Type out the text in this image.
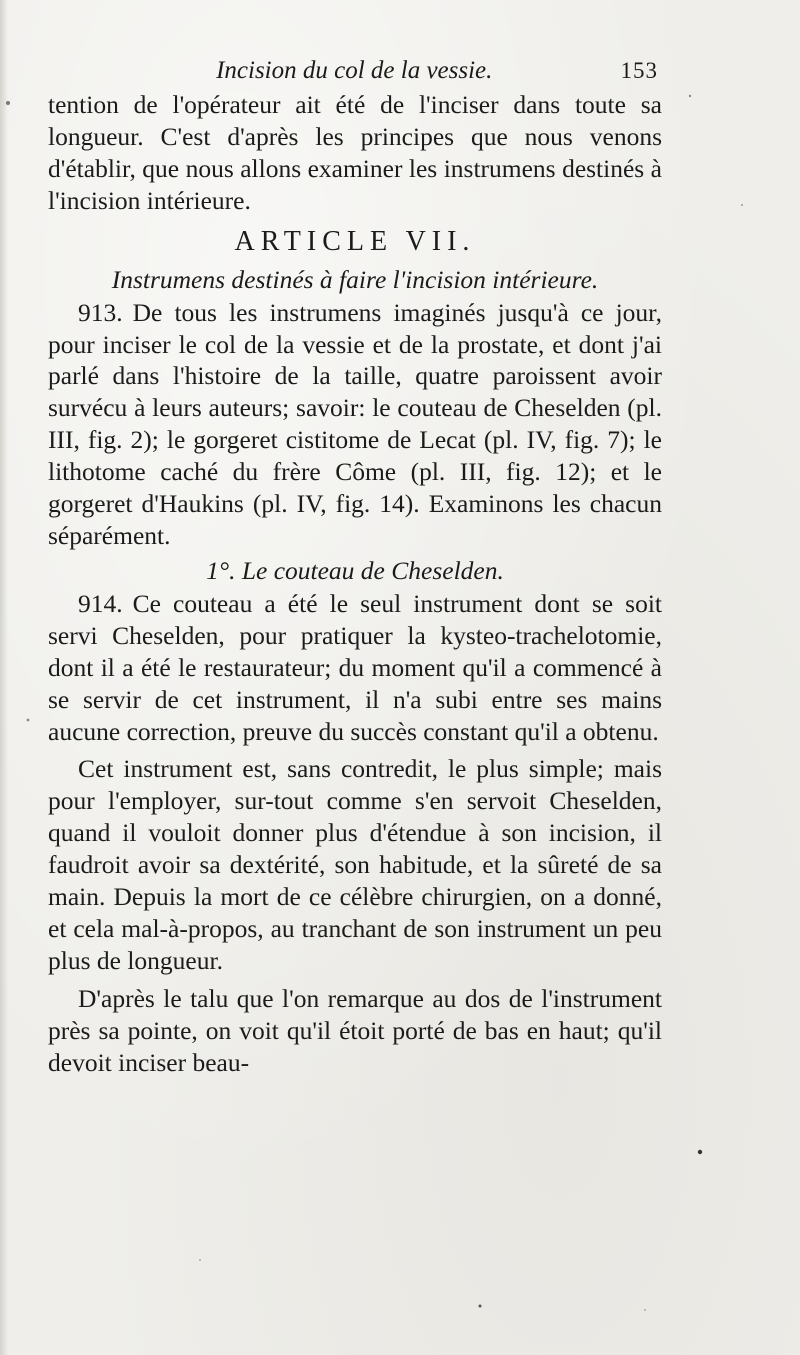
Incision du col de la vessie.	153

tention de l'opérateur ait été de l'inciser dans toute sa longueur. C'est d'après les principes que nous venons d'établir, que nous allons examiner les instrumens destinés à l'incision intérieure.

ARTICLE VII.
Instrumens destinés à faire l'incision intérieure.

913. De tous les instrumens imaginés jusqu'à ce jour, pour inciser le col de la vessie et de la prostate, et dont j'ai parlé dans l'histoire de la taille, quatre paroissent avoir survécu à leurs auteurs; savoir: le couteau de Cheselden (pl. III, fig. 2); le gorgeret cistitome de Lecat (pl. IV, fig. 7); le lithotome caché du frère Côme (pl. III, fig. 12); et le gorgeret d'Haukins (pl. IV, fig. 14). Examinons les chacun séparément.

1°. Le couteau de Cheselden.

914. Ce couteau a été le seul instrument dont se soit servi Cheselden, pour pratiquer la kysteo-trachelotomie, dont il a été le restaurateur; du moment qu'il a commencé à se servir de cet instrument, il n'a subi entre ses mains aucune correction, preuve du succès constant qu'il a obtenu.

Cet instrument est, sans contredit, le plus simple; mais pour l'employer, sur-tout comme s'en servoit Cheselden, quand il vouloit donner plus d'étendue à son incision, il faudroit avoir sa dextérité, son habitude, et la sûreté de sa main. Depuis la mort de ce célèbre chirurgien, on a donné, et cela mal-à-propos, au tranchant de son instrument un peu plus de longueur.

D'après le talu que l'on remarque au dos de l'instrument près sa pointe, on voit qu'il étoit porté de bas en haut; qu'il devoit inciser beau-
